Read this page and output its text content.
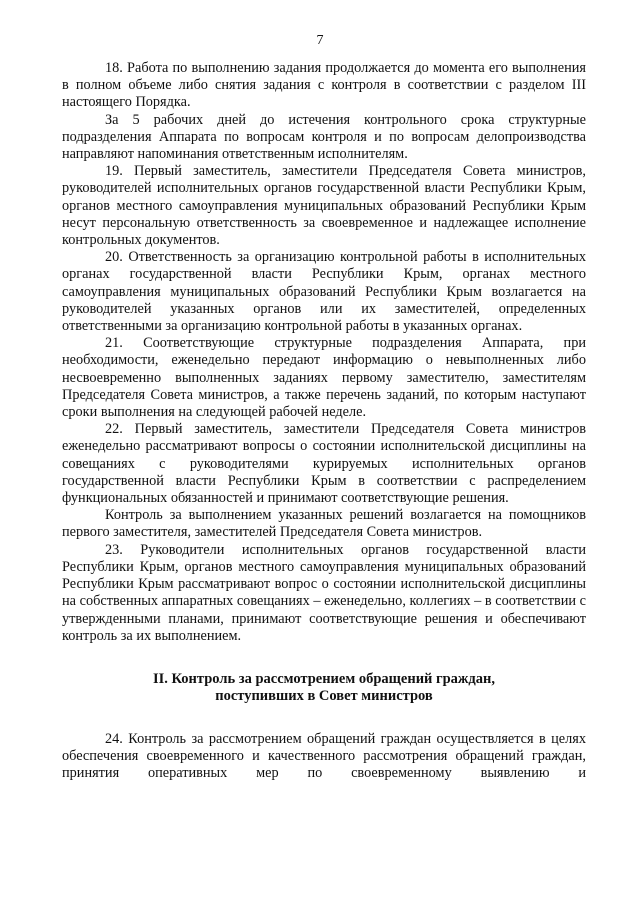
7

18. Работа по выполнению задания продолжается до момента его выполнения в полном объеме либо снятия задания с контроля в соответствии с разделом III настоящего Порядка.

За 5 рабочих дней до истечения контрольного срока структурные подразделения Аппарата по вопросам контроля и по вопросам делопроизводства направляют напоминания ответственным исполнителям.

19. Первый заместитель, заместители Председателя Совета министров, руководителей исполнительных органов государственной власти Республики Крым, органов местного самоуправления муниципальных образований Республики Крым несут персональную ответственность за своевременное и надлежащее исполнение контрольных документов.

20. Ответственность за организацию контрольной работы в исполнительных органах государственной власти Республики Крым, органах местного самоуправления муниципальных образований Республики Крым возлагается на руководителей указанных органов или их заместителей, определенных ответственными за организацию контрольной работы в указанных органах.

21. Соответствующие структурные подразделения Аппарата, при необходимости, еженедельно передают информацию о невыполненных либо несвоевременно выполненных заданиях первому заместителю, заместителям Председателя Совета министров, а также перечень заданий, по которым наступают сроки выполнения на следующей рабочей неделе.

22. Первый заместитель, заместители Председателя Совета министров еженедельно рассматривают вопросы о состоянии исполнительской дисциплины на совещаниях с руководителями курируемых исполнительных органов государственной власти Республики Крым в соответствии с распределением функциональных обязанностей и принимают соответствующие решения.

Контроль за выполнением указанных решений возлагается на помощников первого заместителя, заместителей Председателя Совета министров.

23. Руководители исполнительных органов государственной власти Республики Крым, органов местного самоуправления муниципальных образований Республики Крым рассматривают вопрос о состоянии исполнительской дисциплины на собственных аппаратных совещаниях – еженедельно, коллегиях – в соответствии с утвержденными планами, принимают соответствующие решения и обеспечивают контроль за их выполнением.

II. Контроль за рассмотрением обращений граждан,
поступивших в Совет министров

24. Контроль за рассмотрением обращений граждан осуществляется в целях обеспечения своевременного и качественного рассмотрения обращений граждан, принятия оперативных мер по своевременному выявлению и
